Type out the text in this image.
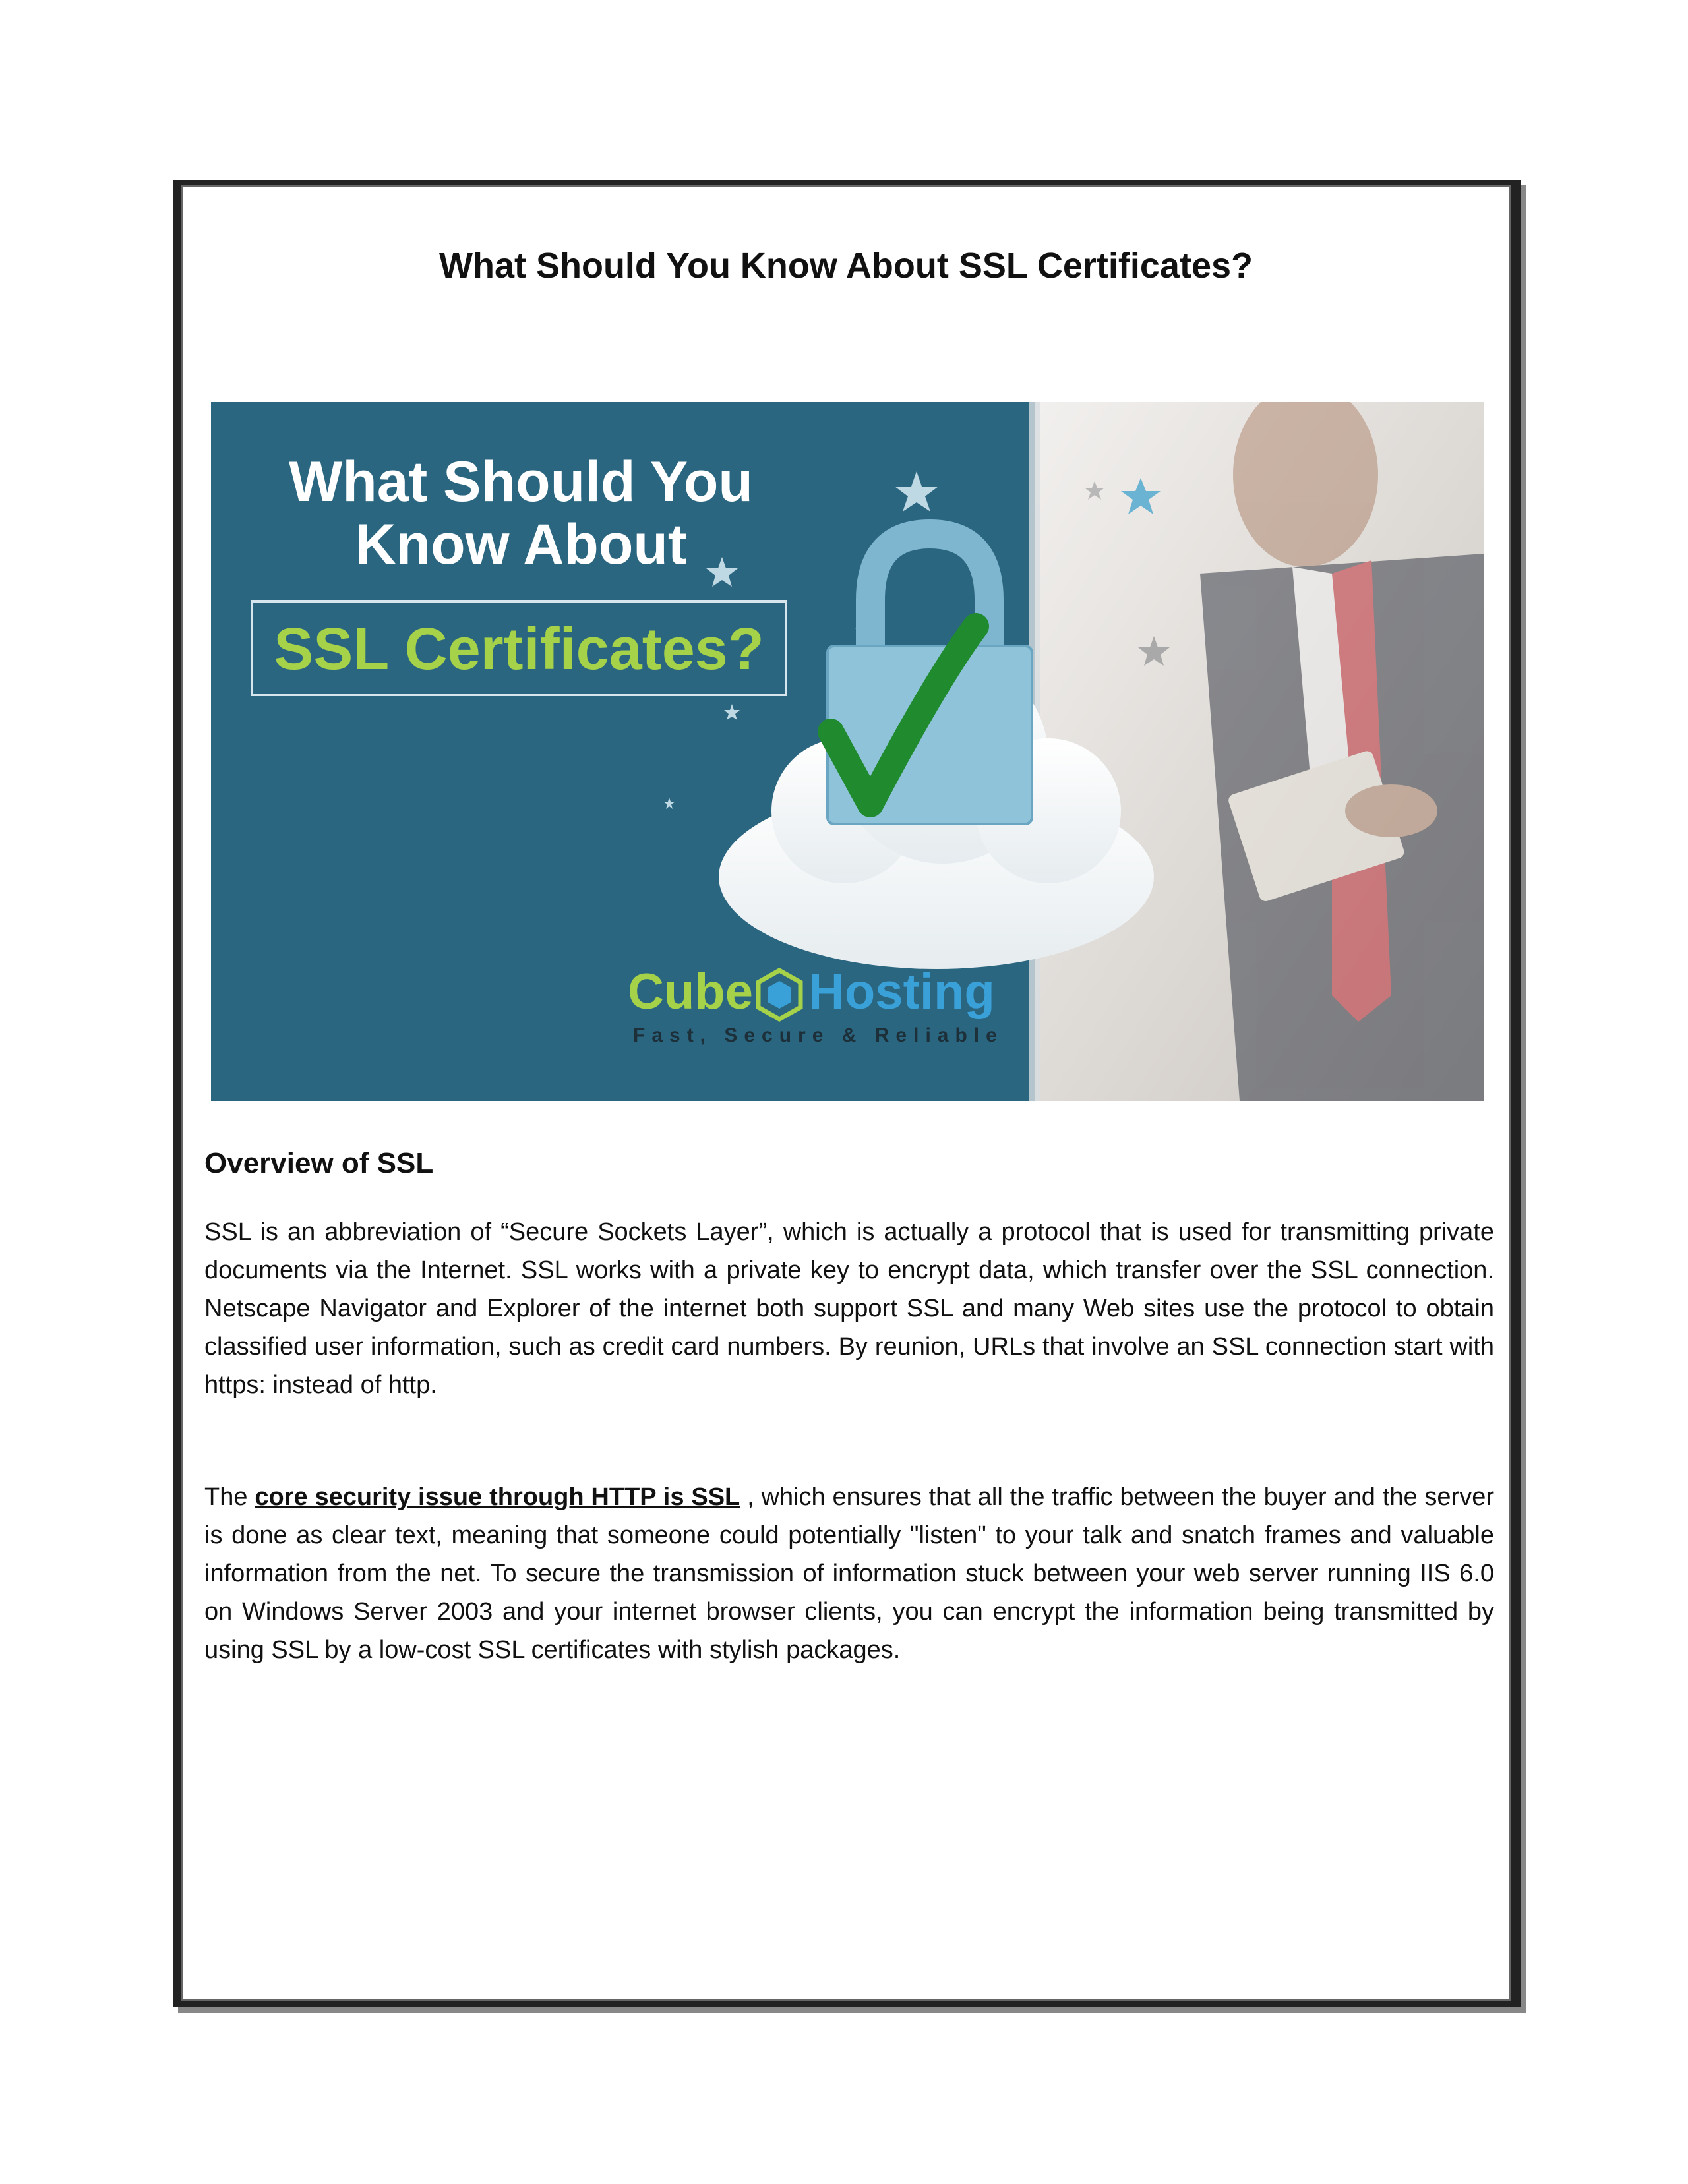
What Should You Know About SSL Certificates?
What Should You
Know About
SSL Certificates?
Cube Hosting
Fast, Secure & Reliable
Overview of SSL
SSL is an abbreviation of “Secure Sockets Layer”, which is actually a protocol that is used for transmitting private documents via the Internet. SSL works with a private key to encrypt data, which transfer over the SSL connection. Netscape Navigator and Explorer of the internet both support SSL and many Web sites use the protocol to obtain classified user information, such as credit card numbers. By reunion, URLs that involve an SSL connection start with https: instead of http.
The core security issue through HTTP is SSL , which ensures that all the traffic between the buyer and the server is done as clear text, meaning that someone could potentially "listen" to your talk and snatch frames and valuable information from the net. To secure the transmission of information stuck between your web server running IIS 6.0 on Windows Server 2003 and your internet browser clients, you can encrypt the information being transmitted by using SSL by a low-cost SSL certificates with stylish packages.
